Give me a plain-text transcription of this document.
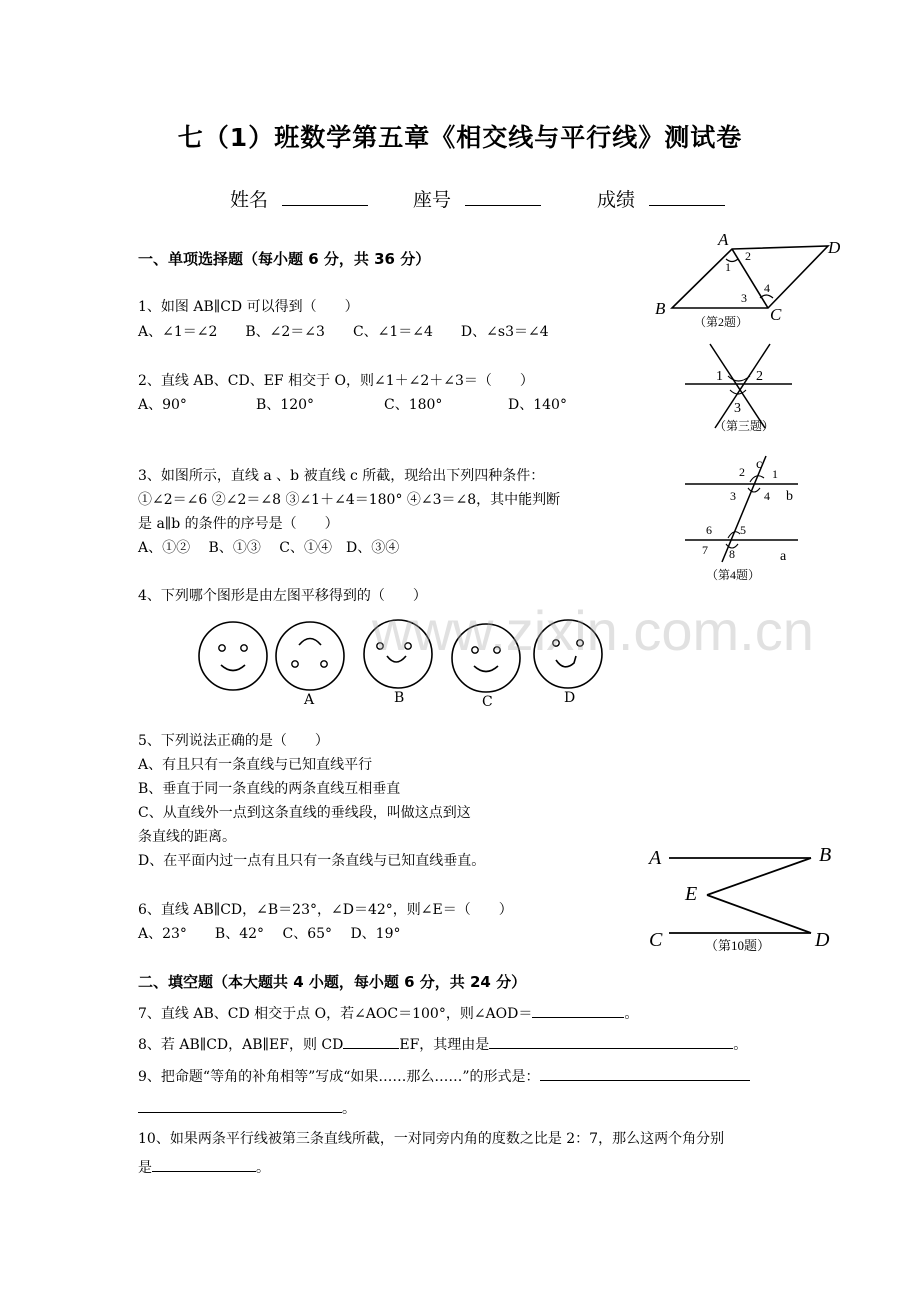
七（1）班数学第五章《相交线与平行线》测试卷
姓名	座号	成绩
一、单项选择题（每小题 6 分，共 36 分）
1、如图 AB∥CD 可以得到（　　）
A、∠1＝∠2　　B、∠2＝∠3　　C、∠1＝∠4　　D、∠s3＝∠4
2、直线 AB、CD、EF 相交于 O，则∠1＋∠2＋∠3＝（　　）
A、90°	B、120°	C、180°	D、140°
3、如图所示，直线 a 、b 被直线 c 所截，现给出下列四种条件：
①∠2＝∠6 ②∠2＝∠8 ③∠1＋∠4＝180° ④∠3＝∠8，其中能判断
是 a∥b 的条件的序号是（　　）
A、①②　 B、①③　 C、①④　D、③④
4、下列哪个图形是由左图平移得到的（　　）
A	B	C	D
5、下列说法正确的是（　　）
A、有且只有一条直线与已知直线平行
B、垂直于同一条直线的两条直线互相垂直
C、从直线外一点到这条直线的垂线段，叫做这点到这
条直线的距离。
D、在平面内过一点有且只有一条直线与已知直线垂直。
6、直线 AB∥CD，∠B＝23°，∠D＝42°，则∠E＝（　　）
A、23°　　B、42°　 C、65°　 D、19°
二、填空题（本大题共 4 小题，每小题 6 分，共 24 分）
7、直线 AB、CD 相交于点 O，若∠AOC＝100°，则∠AOD＝	。
8、若 AB∥CD，AB∥EF，则 CD	EF，其理由是	。
9、把命题“等角的补角相等”写成“如果……那么……”的形式是：
。
10、如果两条平行线被第三条直线所截，一对同旁内角的度数之比是 2：7，那么这两个角分别
是	。
A	D
B	C
1
2
3
4
（第2题）
1 2
3
（第三题）
c
b
a
1
2
3 4
5
6
7 8
（第4题）
A	B
E
C	D
（第10题）
www.zixin.com.cn
